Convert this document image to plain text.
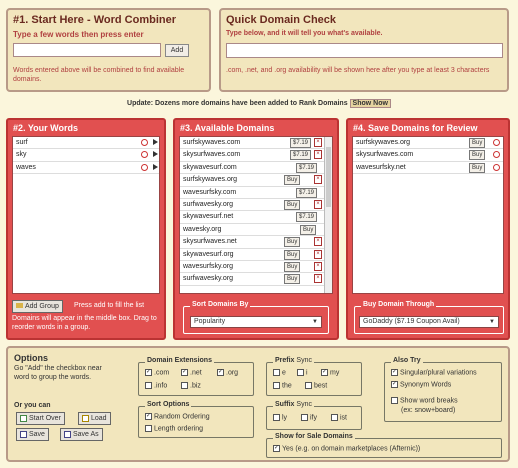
#1. Start Here - Word Combiner
Type a few words then press enter
Add
Words entered above will be combined to find available domains.
Quick Domain Check
Type below, and it will tell you what's available.
.com, .net, and .org availability will be shown here after you type at least 3 characters
Update: Dozens more domains have been added to Rank Domains Show Now
#2. Your Words
surf
sky
waves
Add Group	Press add to fill the list
Domains will appear in the middle box. Drag to reorder words in a group.
#3. Available Domains
surfskywaves.com	$7.19	×
skysurfwaves.com	$7.19	×
skywavesurf.com	$7.19
surfskywaves.org	Buy	×
wavesurfsky.com	$7.19
surfwavesky.org	Buy	×
skywavesurf.net	$7.19
wavesky.org	Buy
skysurfwaves.net	Buy	×
skywavesurf.org	Buy	×
wavesurfsky.org	Buy	×
surfwavesky.org	Buy	×
Sort Domains By
Popularity	▼
#4. Save Domains for Review
surfskywaves.org	Buy
skysurfwaves.com	Buy
wavesurfsky.net	Buy
Buy Domain Through
GoDaddy ($7.19 Coupon Avail)	▼
Options
Go "Add" the checkbox near word to group the words.
Or you can
Start Over	Load
Save	Save As
Domain Extensions
✓ .com ✓ .net	✓ .org
.info	.biz
Sort Options
✓ Random Ordering
Length ordering
Prefix Sync
e	i ✓ my
the	best
Suffix Sync
ly	ify	ist
Also Try
✓ Singular/plural variations
✓ Synonym Words
Show word breaks
(ex: snow+board)
Show for Sale Domains
✓ Yes (e.g. on domain marketplaces (Afternic))
